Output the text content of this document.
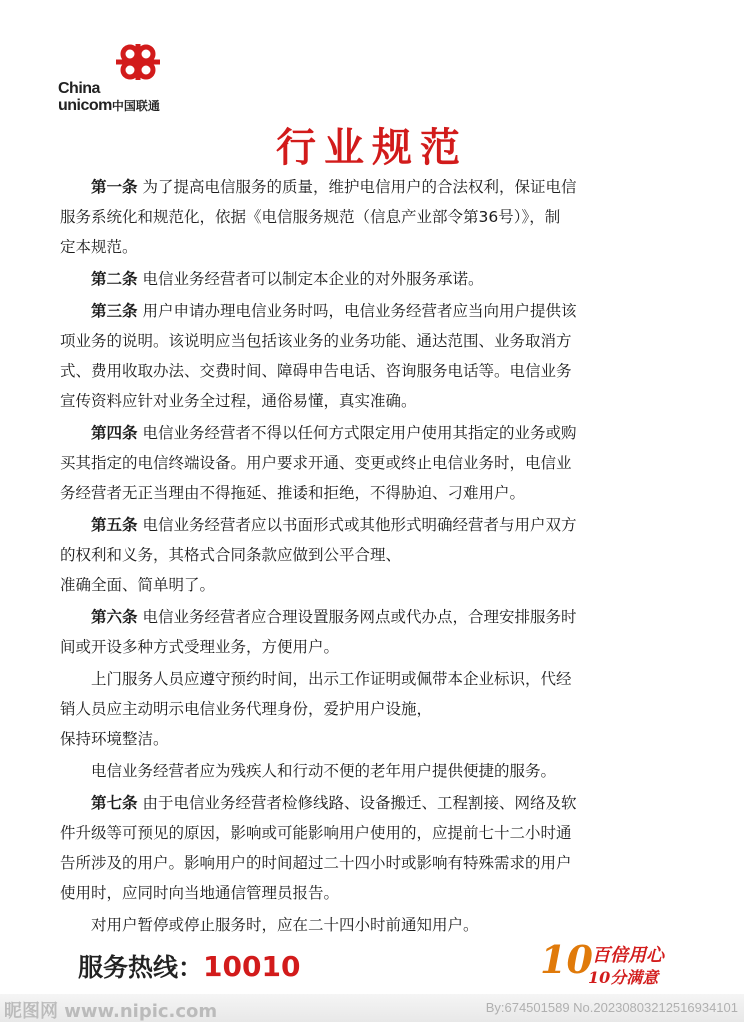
China
unicom中国联通
行业规范
第一条 为了提高电信服务的质量，维护电信用户的合法权利，保证电信
服务系统化和规范化，依据《电信服务规范（信息产业部令第36号）》，制
定本规范。
第二条 电信业务经营者可以制定本企业的对外服务承诺。
第三条 用户申请办理电信业务时吗，电信业务经营者应当向用户提供该
项业务的说明。该说明应当包括该业务的业务功能、通达范围、业务取消方
式、费用收取办法、交费时间、障碍申告电话、咨询服务电话等。电信业务
宣传资料应针对业务全过程，通俗易懂，真实准确。
第四条 电信业务经营者不得以任何方式限定用户使用其指定的业务或购
买其指定的电信终端设备。用户要求开通、变更或终止电信业务时，电信业
务经营者无正当理由不得拖延、推诿和拒绝，不得胁迫、刁难用户。
第五条 电信业务经营者应以书面形式或其他形式明确经营者与用户双方
的权利和义务，其格式合同条款应做到公平合理、
准确全面、简单明了。
第六条 电信业务经营者应合理设置服务网点或代办点，合理安排服务时
间或开设多种方式受理业务，方便用户。
上门服务人员应遵守预约时间，出示工作证明或佩带本企业标识，代经
销人员应主动明示电信业务代理身份，爱护用户设施，
保持环境整洁。
电信业务经营者应为残疾人和行动不便的老年用户提供便捷的服务。
第七条 由于电信业务经营者检修线路、设备搬迁、工程割接、网络及软
件升级等可预见的原因，影响或可能影响用户使用的，应提前七十二小时通
告所涉及的用户。影响用户的时间超过二十四小时或影响有特殊需求的用户
使用时，应同时向当地通信管理员报告。
对用户暂停或停止服务时，应在二十四小时前通知用户。
服务热线：10010	10 百倍用心
10分满意
昵图网 www.nipic.com	By:674501589 No.20230803212516934101
